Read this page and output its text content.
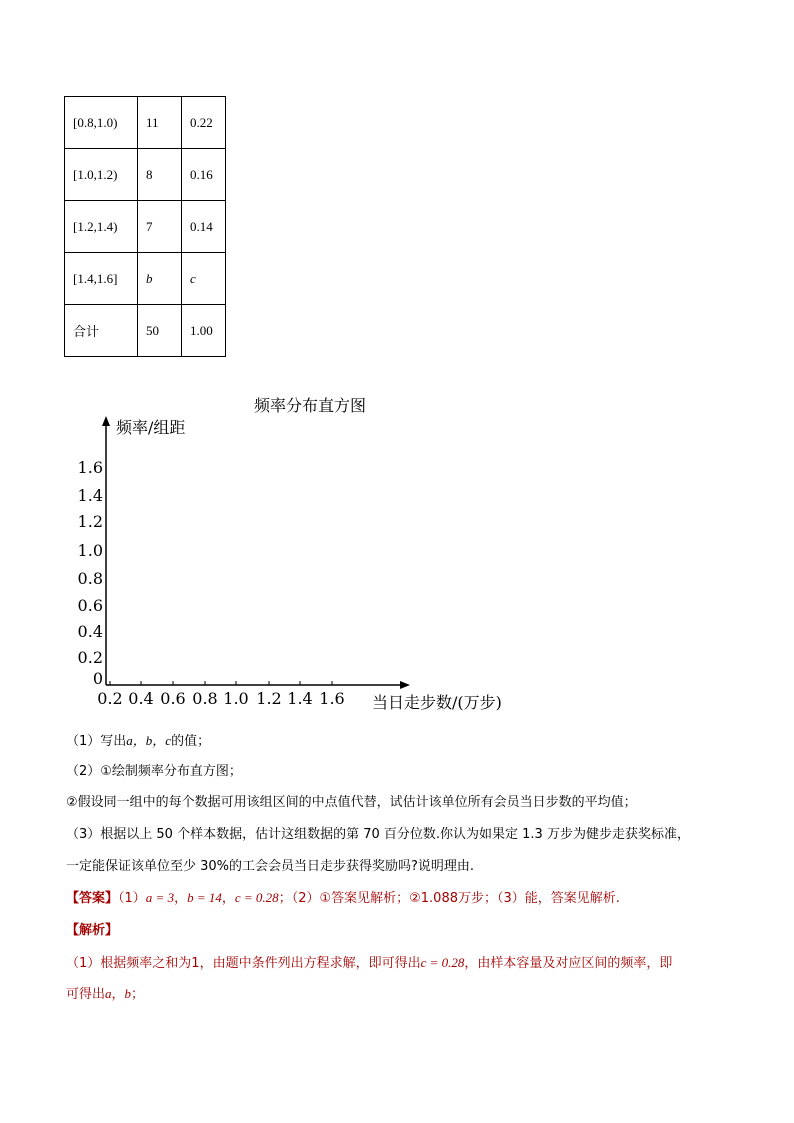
[0.8,1.0)	11	0.22
[1.0,1.2)	8	0.16
[1.2,1.4)	7	0.14
[1.4,1.6]	b	c
合计	50	1.00
频率分布直方图
频率/组距
0
0.2
0.4
0.6
0.8
1.0
1.2
1.4
1.6
0.2 0.4 0.6 0.8 1.0 1.2 1.4 1.6 当日走步数/(万步)
（1）写出a，b，c的值；
（2）①绘制频率分布直方图；
②假设同一组中的每个数据可用该组区间的中点值代替，试估计该单位所有会员当日步数的平均值；
（3）根据以上 50 个样本数据，估计这组数据的第 70 百分位数.你认为如果定 1.3 万步为健步走获奖标准，
一定能保证该单位至少 30%的工会会员当日走步获得奖励吗?说明理由.
【答案】（1）a = 3，b = 14，c = 0.28；（2）①答案见解析；②1.088万步；（3）能，答案见解析.
【解析】
（1）根据频率之和为1，由题中条件列出方程求解，即可得出c = 0.28，由样本容量及对应区间的频率，即
可得出a，b；
